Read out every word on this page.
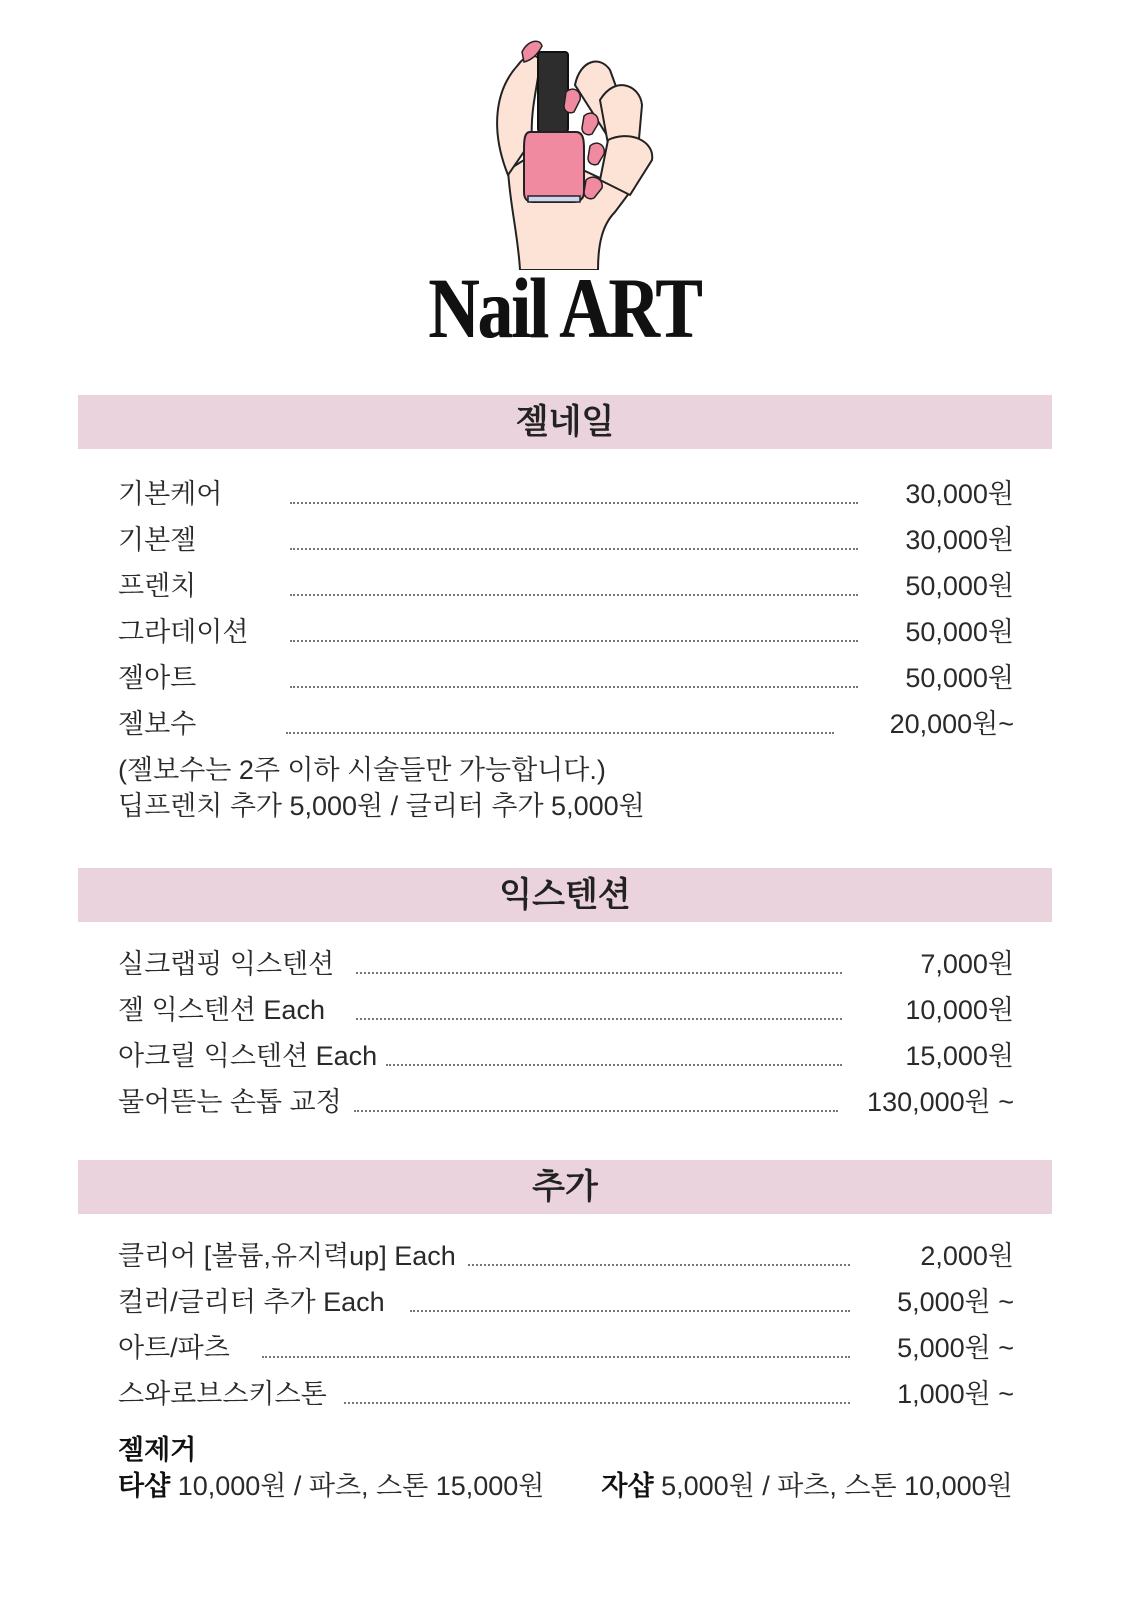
Nail ART
젤네일
기본케어	30,000원
기본젤	30,000원
프렌치	50,000원
그라데이션	50,000원
젤아트	50,000원
젤보수	20,000원~
(젤보수는 2주 이하 시술들만 가능합니다.)
딥프렌치 추가 5,000원 / 글리터 추가 5,000원
익스텐션
실크랩핑 익스텐션	7,000원
젤 익스텐션 Each	10,000원
아크릴 익스텐션 Each	15,000원
물어뜯는 손톱 교정	130,000원 ~
추가
클리어 [볼륨,유지력up] Each	2,000원
컬러/글리터 추가 Each	5,000원 ~
아트/파츠	5,000원 ~
스와로브스키스톤	1,000원 ~
젤제거
타샵 10,000원 / 파츠, 스톤 15,000원 자샵 5,000원 / 파츠, 스톤 10,000원
